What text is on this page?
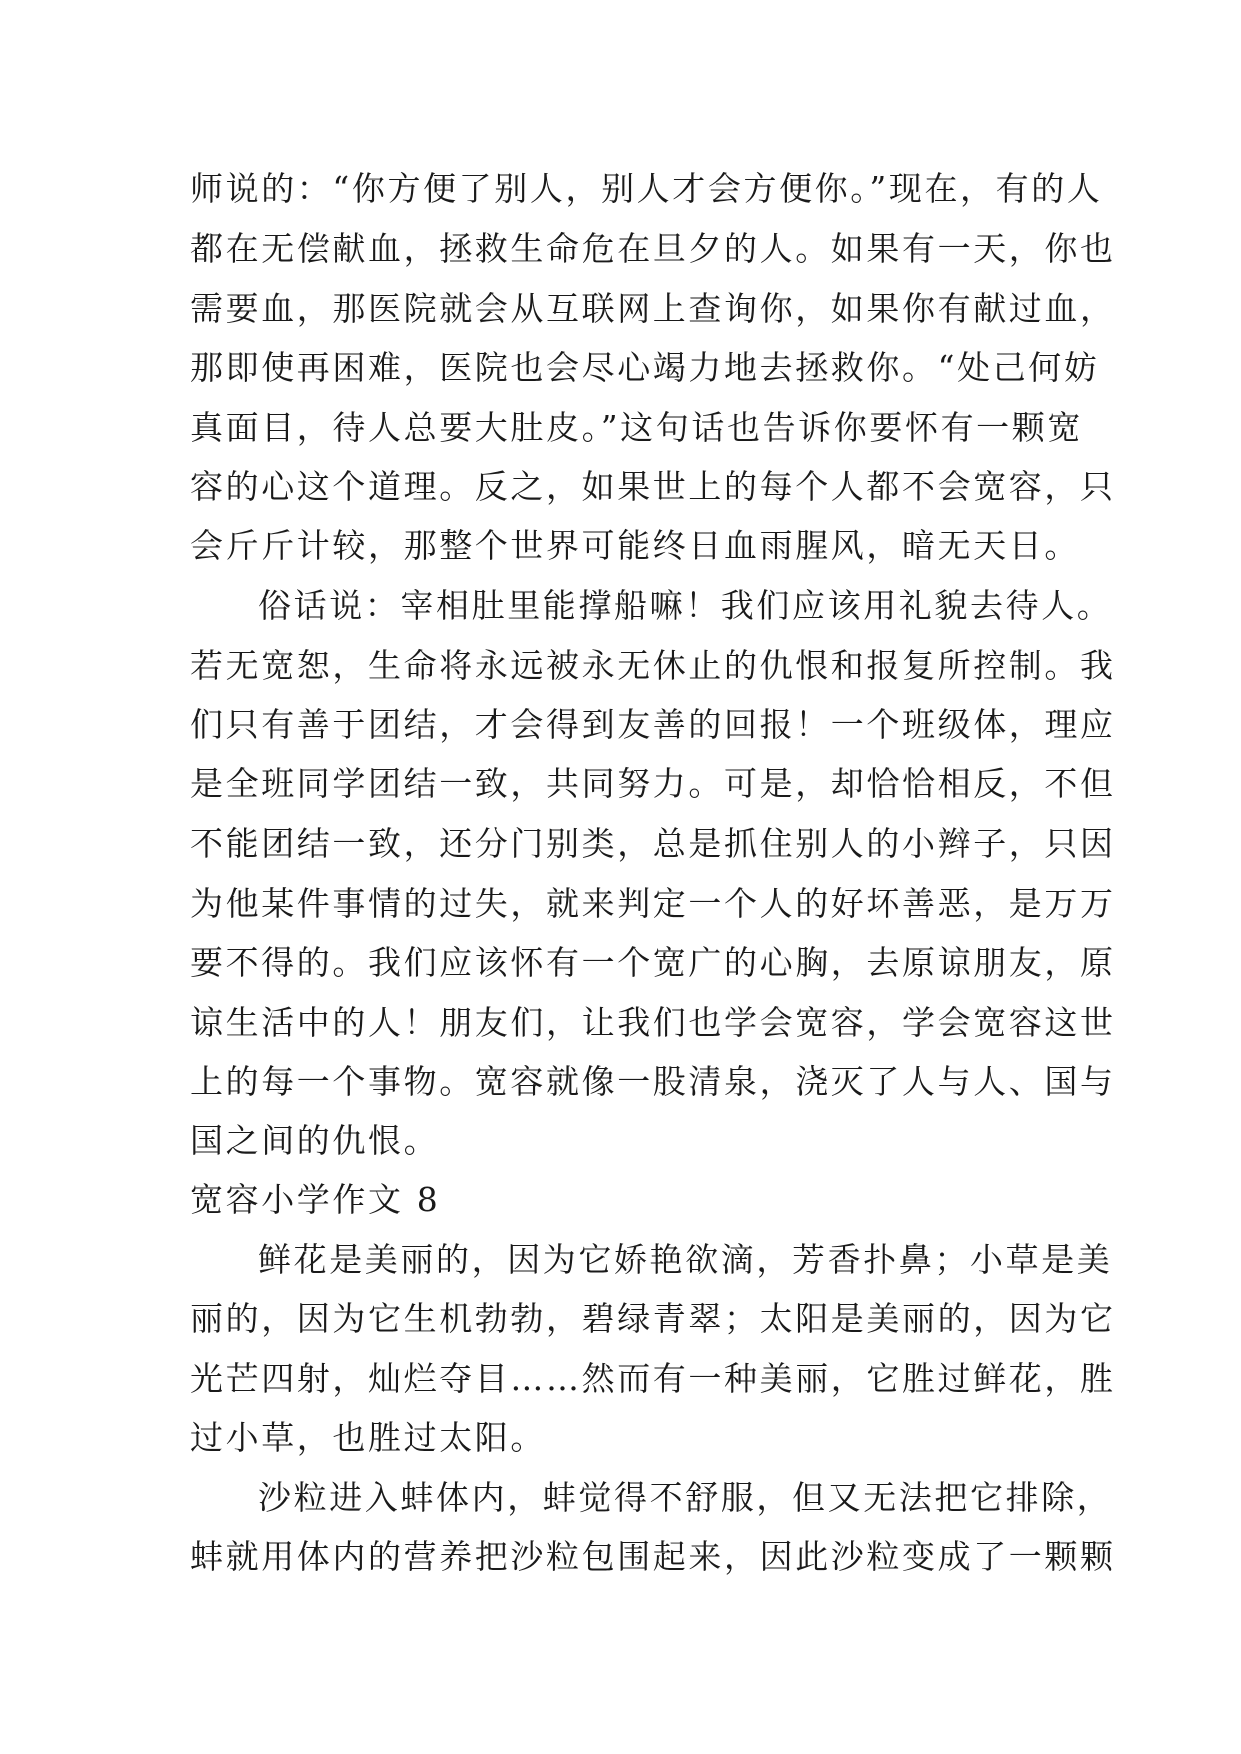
师说的：“你方便了别人，别人才会方便你。”现在，有的人
都在无偿献血，拯救生命危在旦夕的人。如果有一天，你也
需要血，那医院就会从互联网上查询你，如果你有献过血，
那即使再困难，医院也会尽心竭力地去拯救你。“处己何妨
真面目，待人总要大肚皮。”这句话也告诉你要怀有一颗宽
容的心这个道理。反之，如果世上的每个人都不会宽容，只
会斤斤计较，那整个世界可能终日血雨腥风，暗无天日。
俗话说：宰相肚里能撑船嘛！我们应该用礼貌去待人。
若无宽恕，生命将永远被永无休止的仇恨和报复所控制。我
们只有善于团结，才会得到友善的回报！一个班级体，理应
是全班同学团结一致，共同努力。可是，却恰恰相反，不但
不能团结一致，还分门别类，总是抓住别人的小辫子，只因
为他某件事情的过失，就来判定一个人的好坏善恶，是万万
要不得的。我们应该怀有一个宽广的心胸，去原谅朋友，原
谅生活中的人！朋友们，让我们也学会宽容，学会宽容这世
上的每一个事物。宽容就像一股清泉，浇灭了人与人、国与
国之间的仇恨。
宽容小学作文 8
鲜花是美丽的，因为它娇艳欲滴，芳香扑鼻；小草是美
丽的，因为它生机勃勃，碧绿青翠；太阳是美丽的，因为它
光芒四射，灿烂夺目……然而有一种美丽，它胜过鲜花，胜
过小草，也胜过太阳。
沙粒进入蚌体内，蚌觉得不舒服，但又无法把它排除，
蚌就用体内的营养把沙粒包围起来，因此沙粒变成了一颗颗
